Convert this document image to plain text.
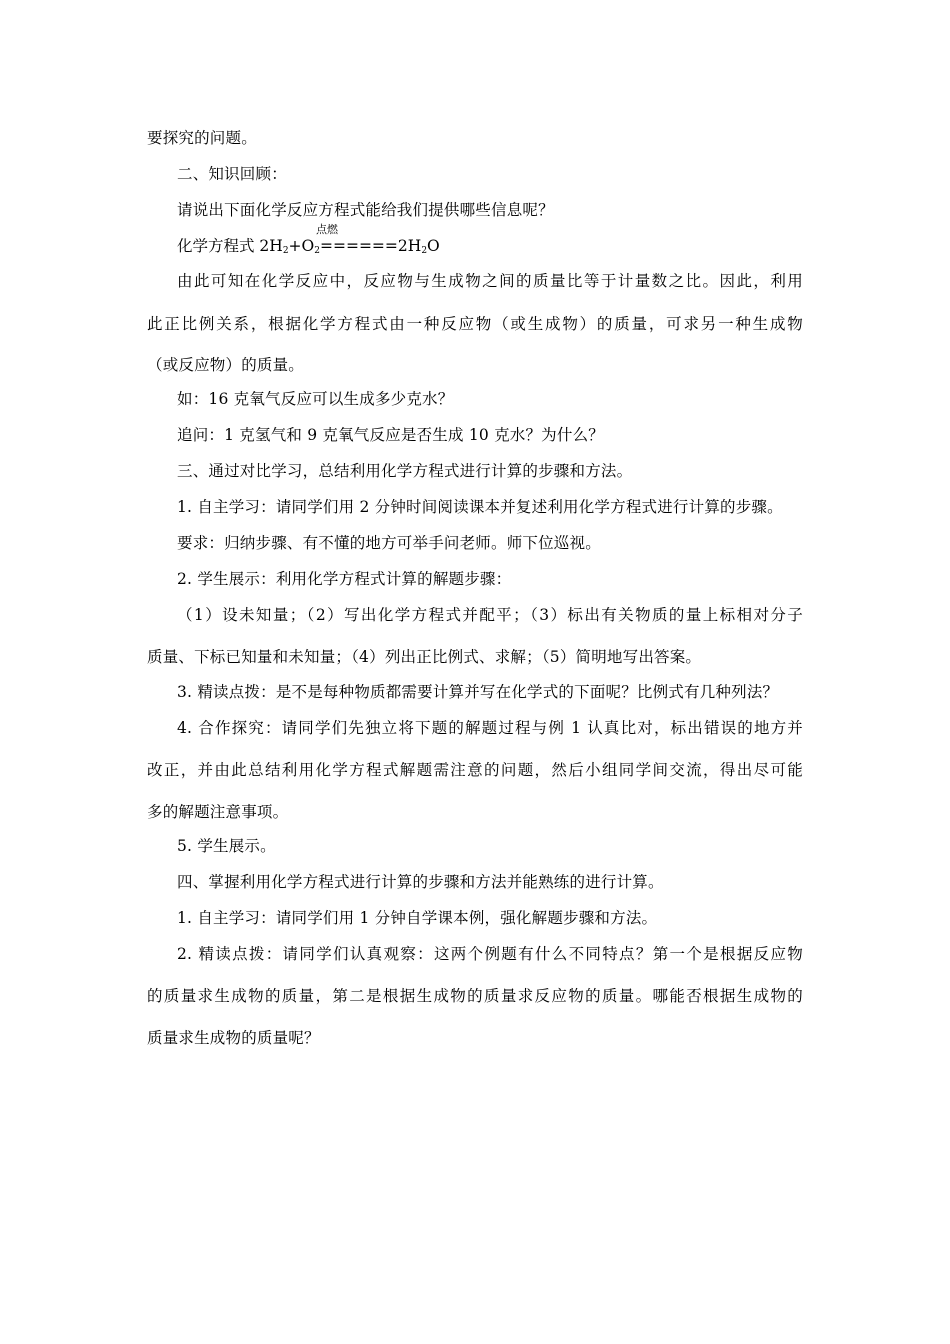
要探究的问题。
二、知识回顾：
请说出下面化学反应方程式能给我们提供哪些信息呢？
点燃
化学方程式 $2H_2+O_2======2H_2O$
由此可知在化学反应中，反应物与生成物之间的质量比等于计量数之比。因此，利用
此正比例关系，根据化学方程式由一种反应物（或生成物）的质量，可求另一种生成物
（或反应物）的质量。
如：16 克氧气反应可以生成多少克水？
追问：1 克氢气和 9 克氧气反应是否生成 10 克水？为什么？
三、通过对比学习，总结利用化学方程式进行计算的步骤和方法。
1. 自主学习：请同学们用 2 分钟时间阅读课本并复述利用化学方程式进行计算的步骤。
要求：归纳步骤、有不懂的地方可举手问老师。师下位巡视。
2. 学生展示：利用化学方程式计算的解题步骤：
（1）设未知量；（2）写出化学方程式并配平；（3）标出有关物质的量上标相对分子
质量、下标已知量和未知量；（4）列出正比例式、求解；（5）简明地写出答案。
3. 精读点拨：是不是每种物质都需要计算并写在化学式的下面呢？比例式有几种列法？
4. 合作探究：请同学们先独立将下题的解题过程与例 1 认真比对，标出错误的地方并
改正，并由此总结利用化学方程式解题需注意的问题，然后小组同学间交流，得出尽可能
多的解题注意事项。
5. 学生展示。
四、掌握利用化学方程式进行计算的步骤和方法并能熟练的进行计算。
1. 自主学习：请同学们用 1 分钟自学课本例，强化解题步骤和方法。
2. 精读点拨：请同学们认真观察：这两个例题有什么不同特点？第一个是根据反应物
的质量求生成物的质量，第二是根据生成物的质量求反应物的质量。哪能否根据生成物的
质量求生成物的质量呢？
